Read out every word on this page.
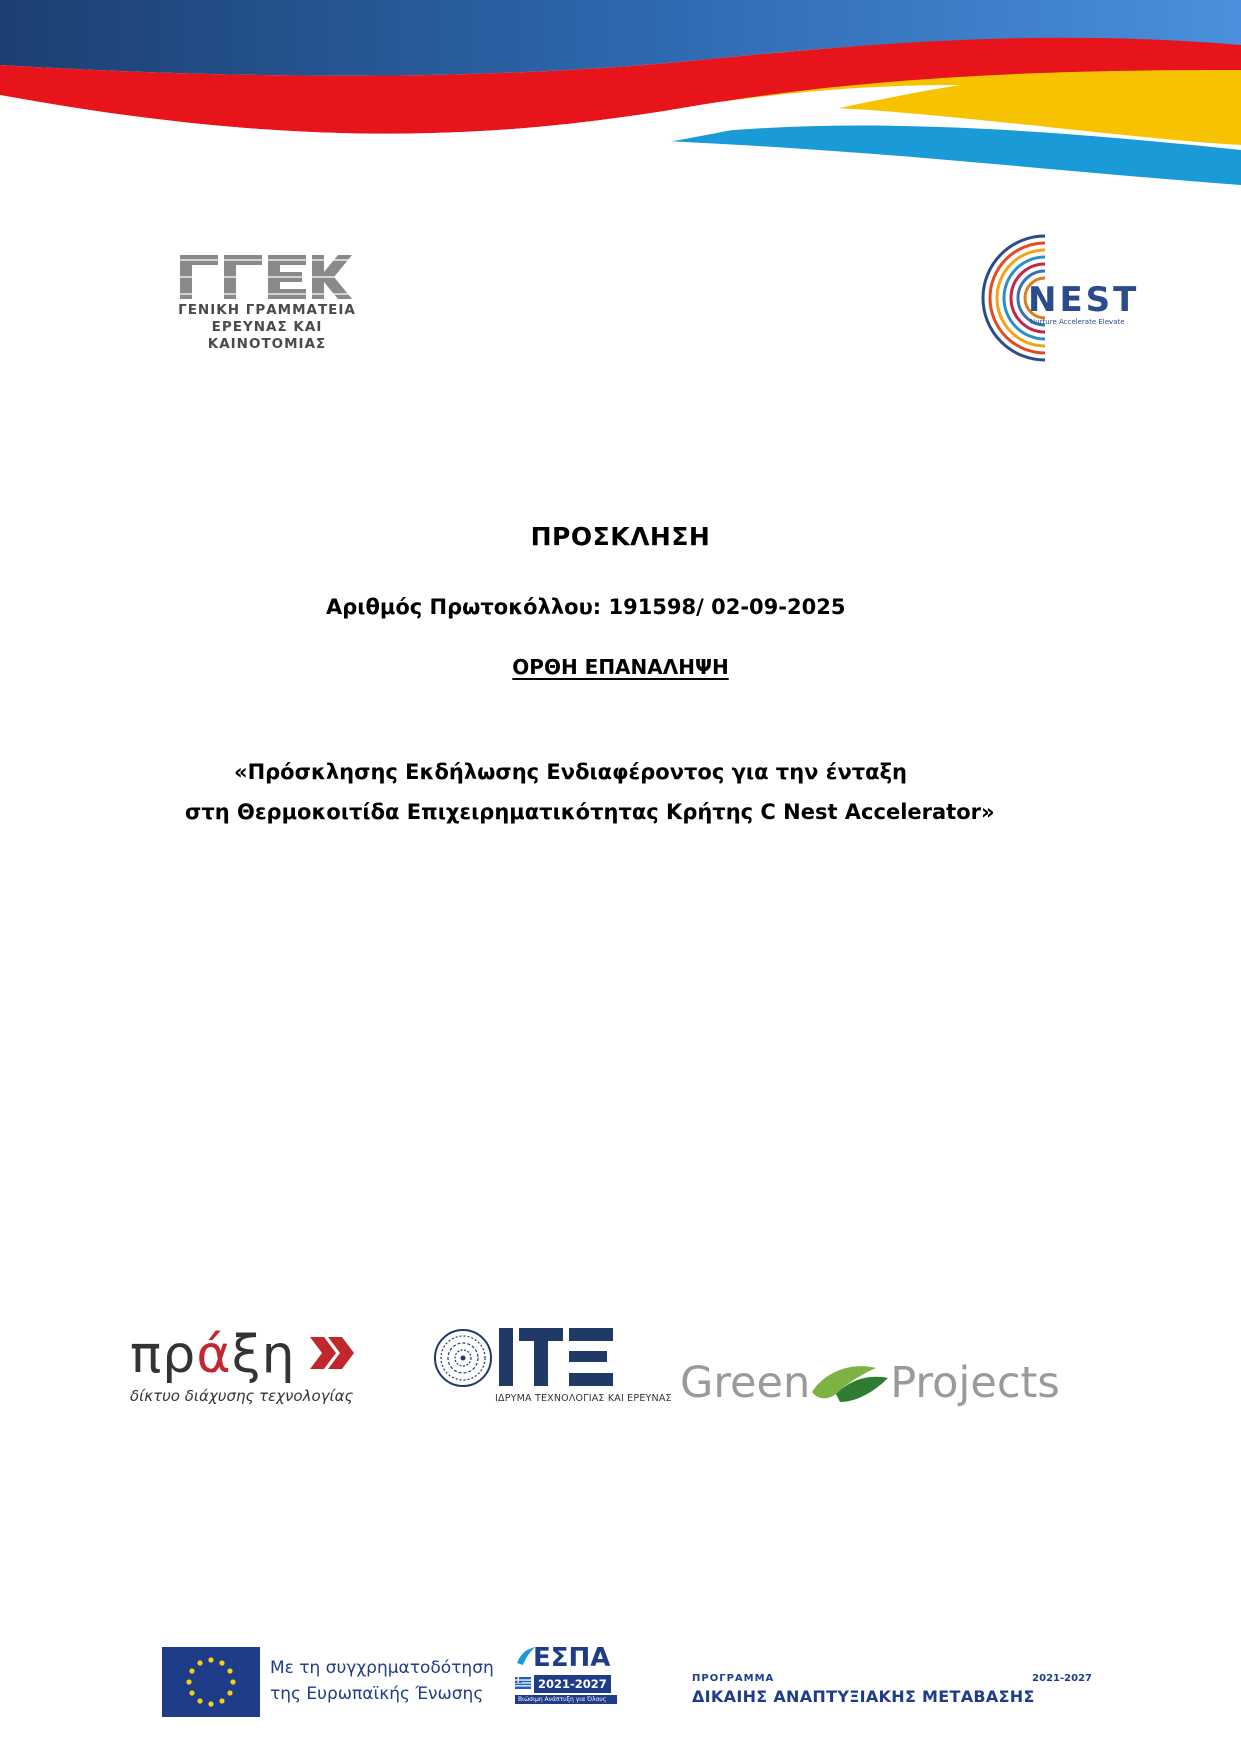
ΓΕΝΙΚΗ ΓΡΑΜΜΑΤΕΙΑ
ΕΡΕΥΝΑΣ ΚΑΙ ΚΑΙΝΟΤΟΜΙΑΣ
NEST
Nurture Accelerate Elevate
ΠΡΟΣΚΛΗΣΗ
Αριθμός Πρωτοκόλλου: 191598/ 02-09-2025
ΟΡΘΗ ΕΠΑΝΑΛΗΨΗ
«Πρόσκλησης Εκδήλωσης Ενδιαφέροντος για την ένταξη
στη Θερμοκοιτίδα Επιχειρηματικότητας Κρήτης C Nest Accelerator»
πράξη
δίκτυο διάχυσης τεχνολογίας	ΙΔΡΥΜΑ ΤΕΧΝΟΛΟΓΙΑΣ ΚΑΙ ΕΡΕΥΝΑΣ Green Projects
Με τη συγχρηματοδότηση
της Ευρωπαϊκής Ένωσης
ΕΣΠΑ
2021-2027
Βιώσιμη Ανάπτυξη για Όλους
ΠΡΟΓΡΑΜΜΑ	2021-2027
ΔΙΚΑΙΗΣ ΑΝΑΠΤΥΞΙΑΚΗΣ ΜΕΤΑΒΑΣΗΣ
